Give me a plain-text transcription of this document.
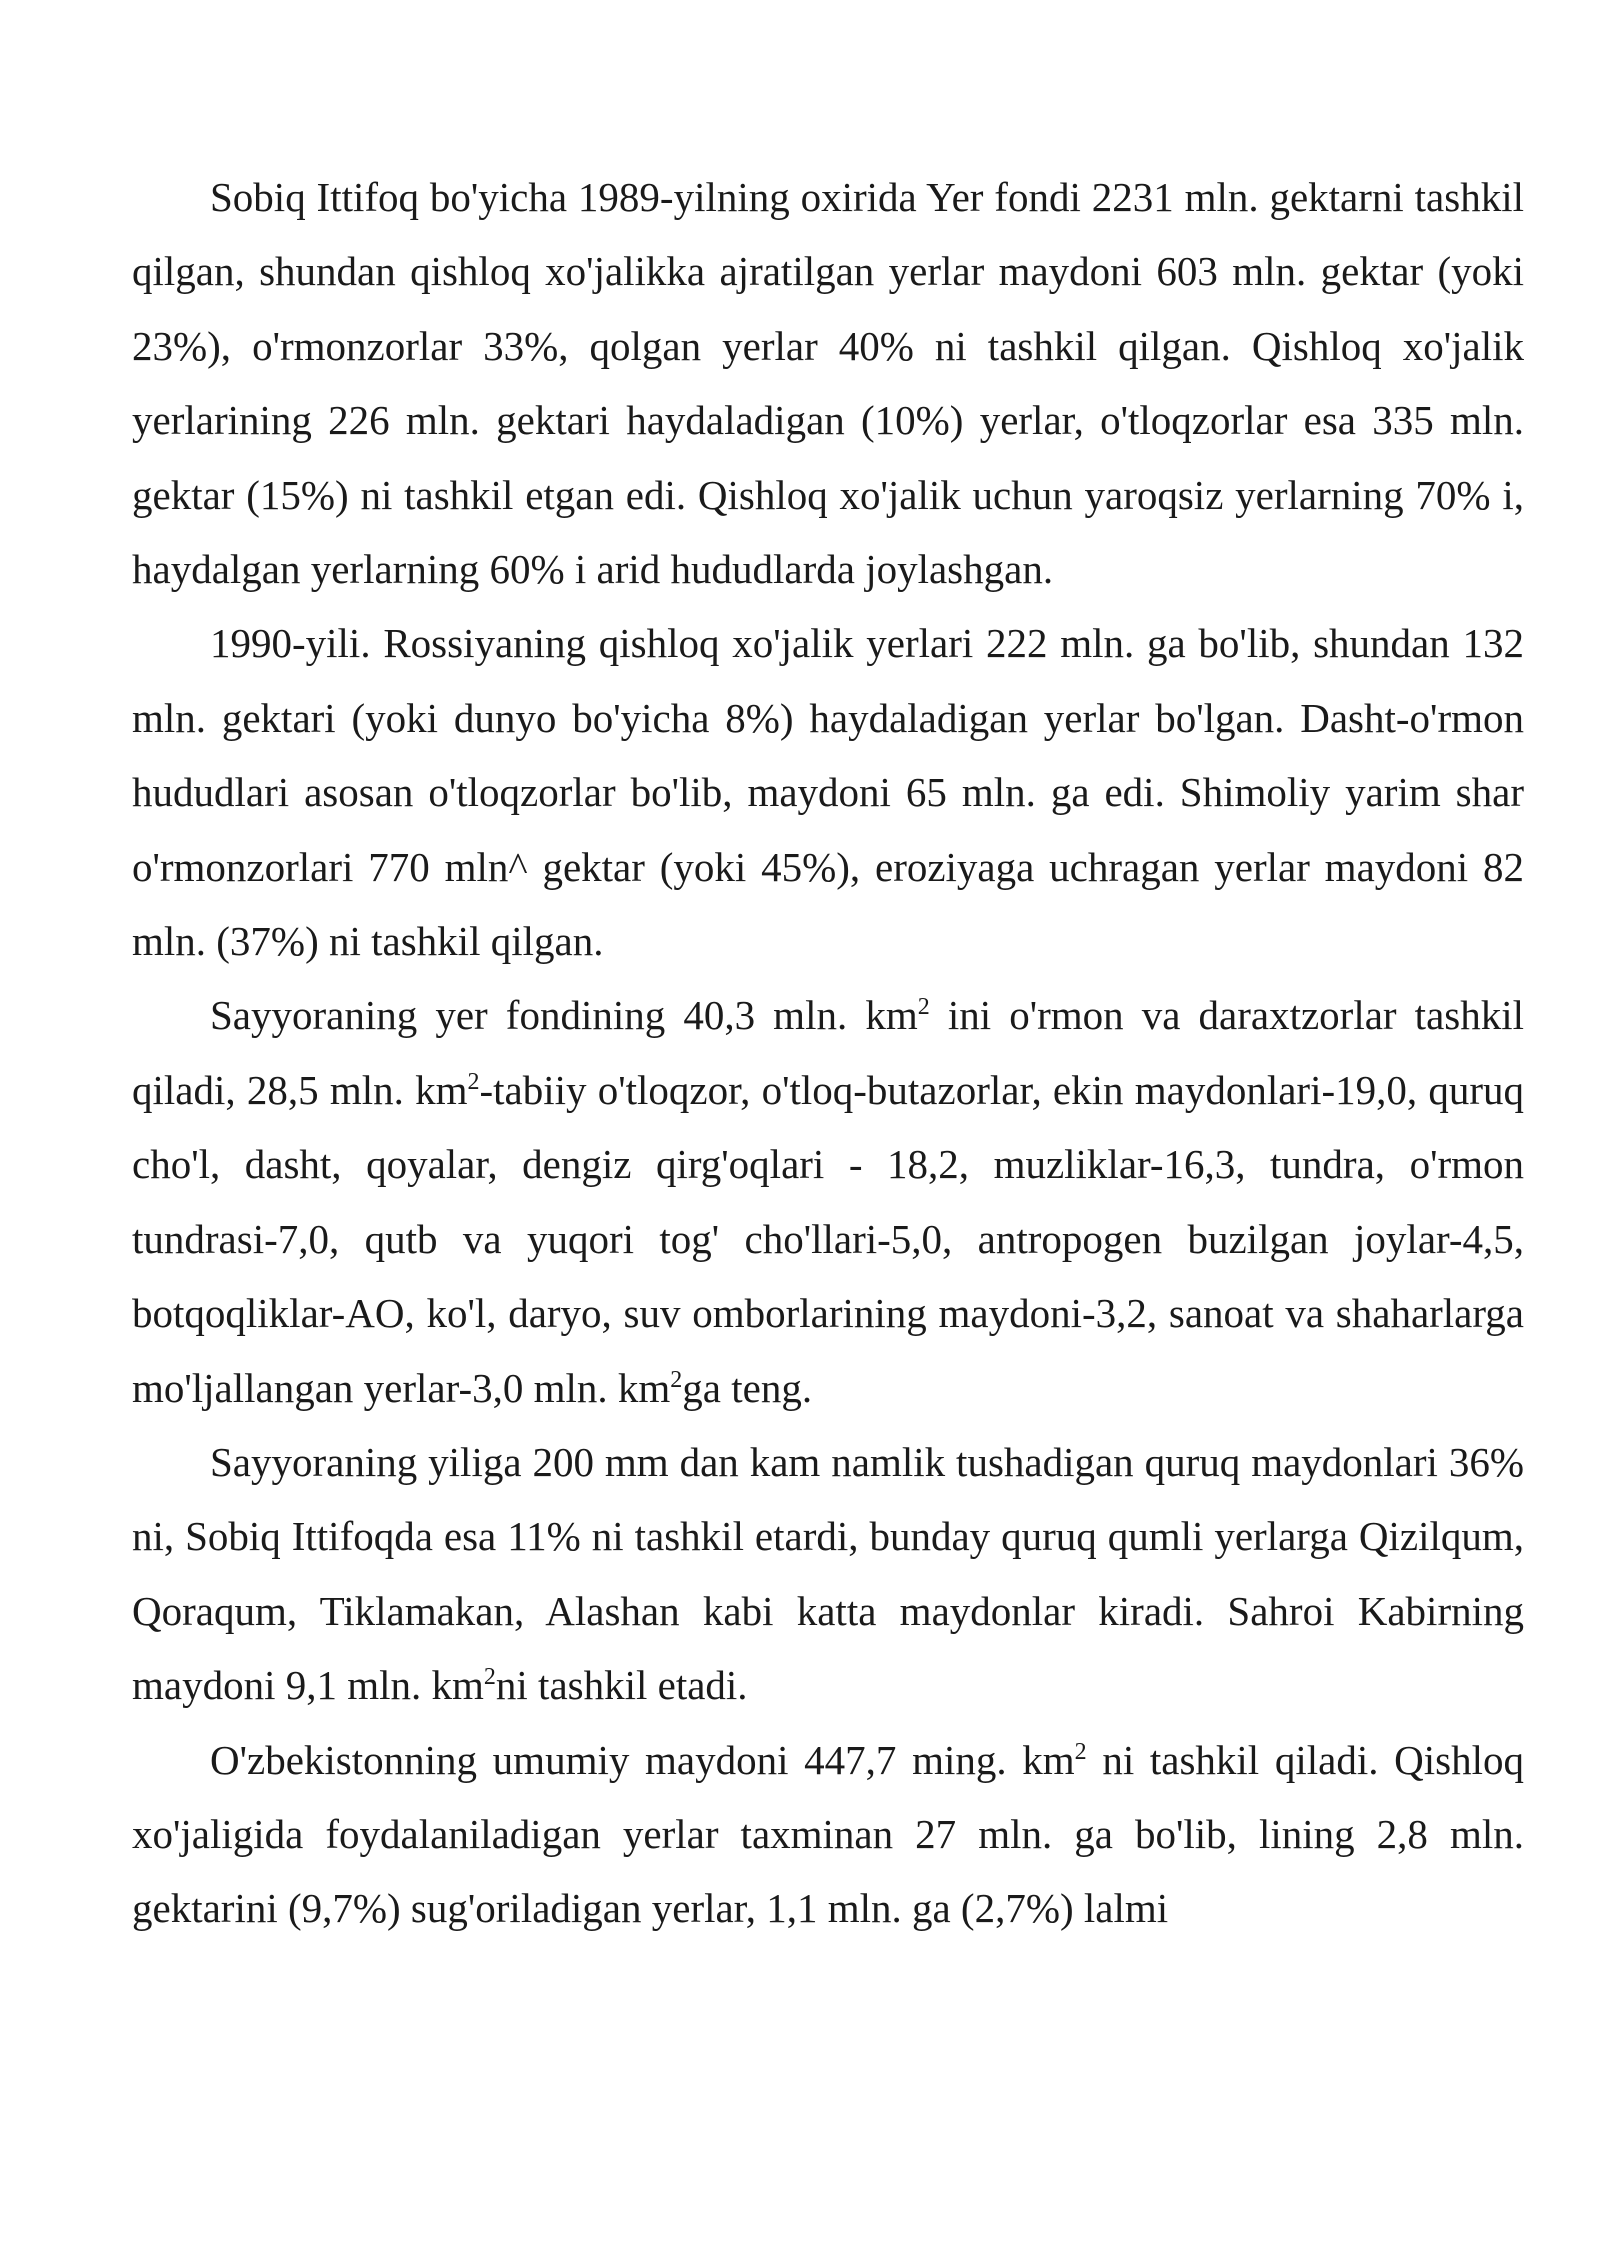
Sobiq Ittifoq bo'yicha 1989-yilning oxirida Yer fondi 2231 mln. gektarni tashkil qilgan, shundan qishloq xo'jalikka ajratilgan yerlar maydoni 603 mln. gektar (yoki 23%), o'rmonzorlar 33%, qolgan yerlar 40% ni tashkil qilgan. Qishloq xo'jalik yerlarining 226 mln. gektari haydaladigan (10%) yerlar, o'tloqzorlar esa 335 mln. gektar (15%) ni tashkil etgan edi. Qishloq xo'jalik uchun yaroqsiz yerlarning 70% i, haydalgan yerlarning 60% i arid hududlarda joylashgan.

1990-yili. Rossiyaning qishloq xo'jalik yerlari 222 mln. ga bo'lib, shundan 132 mln. gektari (yoki dunyo bo'yicha 8%) haydaladigan yerlar bo'lgan. Dasht-o'rmon hududlari asosan o'tloqzorlar bo'lib, maydoni 65 mln. ga edi. Shimoliy yarim shar o'rmonzorlari 770 mln^ gektar (yoki 45%), eroziyaga uchragan yerlar maydoni 82 mln. (37%) ni tashkil qilgan.

Sayyoraning yer fondining 40,3 mln. $km^2$ ini o'rmon va daraxtzorlar tashkil qiladi, 28,5 mln. $km^2$-tabiiy o'tloqzor, o'tloq-butazorlar, ekin maydonlari-19,0, quruq cho'l, dasht, qoyalar, dengiz qirg'oqlari - 18,2, muzliklar-16,3, tundra, o'rmon tundrasi-7,0, qutb va yuqori tog' cho'llari-5,0, antropogen buzilgan joylar-4,5, botqoqliklar-AO, ko'l, daryo, suv omborlarining maydoni-3,2, sanoat va shaharlarga mo'ljallangan yerlar-3,0 mln. $km^2ga$ teng.

Sayyoraning yiliga 200 mm dan kam namlik tushadigan quruq maydonlari 36% ni, Sobiq Ittifoqda esa 11% ni tashkil etardi, bunday quruq qumli yerlarga Qizilqum, Qoraqum, Tiklamakan, Alashan kabi katta maydonlar kiradi. Sahroi Kabirning maydoni 9,1 mln. $km^2ni$ tashkil etadi.

O'zbekistonning umumiy maydoni 447,7 ming. $km^2$ ni tashkil qiladi. Qishloq xo'jaligida foydalaniladigan yerlar taxminan 27 mln. ga bo'lib, lining 2,8 mln. gektarini (9,7%) sug'oriladigan yerlar, 1,1 mln. ga (2,7%) lalmi
